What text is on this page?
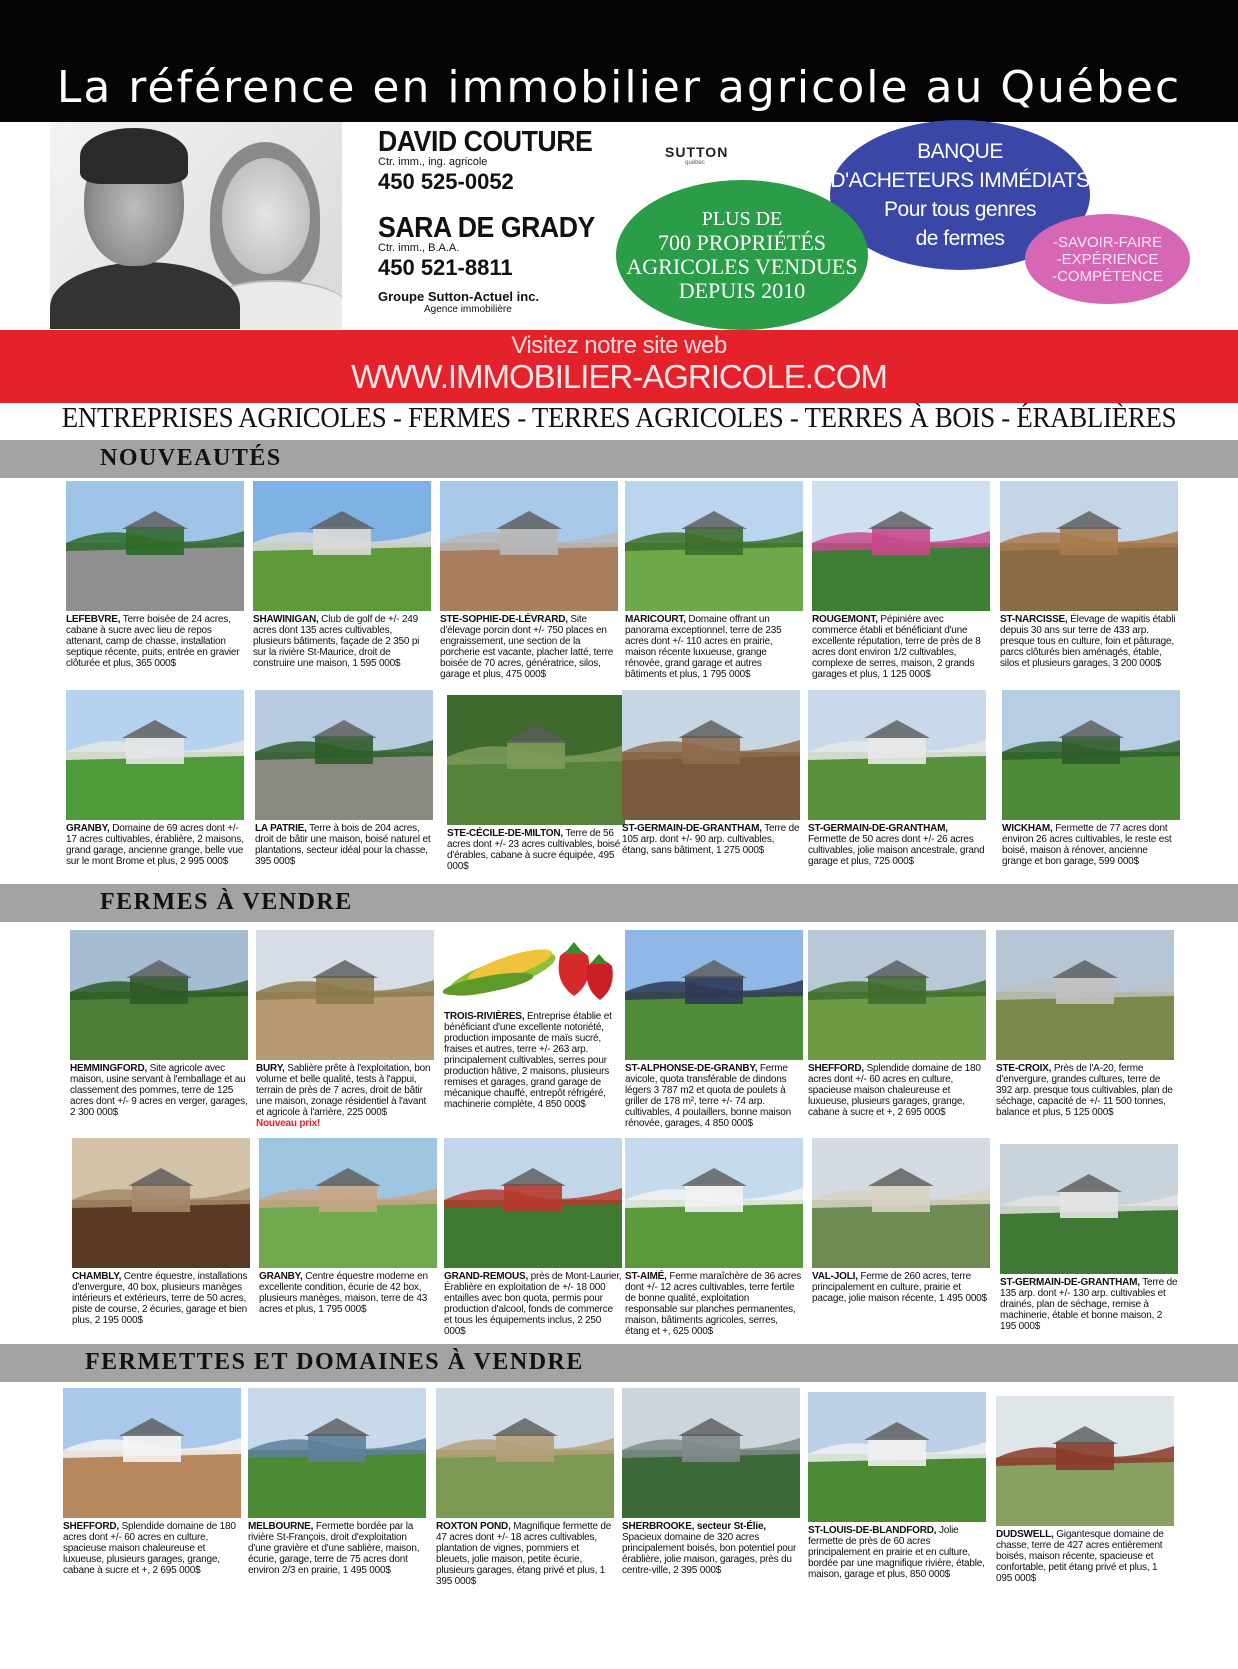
La référence en immobilier agricole au Québec
DAVID COUTURE
Ctr. imm., ing. agricole
450 525-0052
SARA DE GRADY
Ctr. imm., B.A.A.
450 521-8811
Groupe Sutton-Actuel inc.
Agence immobilière
SUTTON
québec	BANQUE
D'ACHETEURS IMMÉDIATS
Pour tous genres
de fermes
PLUS DE
700 PROPRIÉTÉS
AGRICOLES VENDUES
DEPUIS 2010
-SAVOIR-FAIRE
-EXPÉRIENCE
-COMPÉTENCE
Visitez notre site web
WWW.IMMOBILIER-AGRICOLE.COM
ENTREPRISES AGRICOLES - FERMES - TERRES AGRICOLES - TERRES À BOIS - ÉRABLIÈRES
NOUVEAUTÉS
FERMES À VENDRE
FERMETTES ET DOMAINES À VENDRE
LEFEBVRE, Terre boisée de 24 acres, cabane à sucre avec lieu de repos attenant, camp de chasse, installation septique récente, puits, entrée en gravier clôturée et plus, 365 000$
SHAWINIGAN, Club de golf de +/- 249 acres dont 135 acres cultivables, plusieurs bâtiments, façade de 2 350 pi sur la rivière St-Maurice, droit de construire une maison, 1 595 000$
STE-SOPHIE-DE-LÉVRARD, Site d'élevage porcin dont +/- 750 places en engraissement, une section de la porcherie est vacante, placher latté, terre boisée de 70 acres, génératrice, silos, garage et plus, 475 000$
MARICOURT, Domaine offrant un panorama exceptionnel, terre de 235 acres dont +/- 110 acres en prairie, maison récente luxueuse, grange rénovée, grand garage et autres bâtiments et plus, 1 795 000$
ROUGEMONT, Pépinière avec commerce établi et bénéficiant d'une excellente réputation, terre de près de 8 acres dont environ 1/2 cultivables, complexe de serres, maison, 2 grands garages et plus, 1 125 000$
ST-NARCISSE, Élevage de wapitis établi depuis 30 ans sur terre de 433 arp. presque tous en culture, foin et pâturage, parcs clôturés bien aménagés, étable, silos et plusieurs garages, 3 200 000$
GRANBY, Domaine de 69 acres dont +/- 17 acres cultivables, érablière, 2 maisons, grand garage, ancienne grange, belle vue sur le mont Brome et plus, 2 995 000$
LA PATRIE, Terre à bois de 204 acres, droit de bâtir une maison, boisé naturel et plantations, secteur idéal pour la chasse, 395 000$
STE-CÉCILE-DE-MILTON, Terre de 56 acres dont +/- 23 acres cultivables, boisé d'érables, cabane à sucre équipée, 495 000$
ST-GERMAIN-DE-GRANTHAM, Terre de 105 arp. dont +/- 90 arp. cultivables, étang, sans bâtiment, 1 275 000$
ST-GERMAIN-DE-GRANTHAM, Fermette de 50 acres dont +/- 26 acres cultivables, jolie maison ancestrale, grand garage et plus, 725 000$
WICKHAM, Fermette de 77 acres dont environ 26 acres cultivables, le reste est boisé, maison à rénover, ancienne grange et bon garage, 599 000$
HEMMINGFORD, Site agricole avec maison, usine servant à l'emballage et au classement des pommes, terre de 125 acres dont +/- 9 acres en verger, garages, 2 300 000$
BURY, Sablière prête à l'exploitation, bon volume et belle qualité, tests à l'appui, terrain de près de 7 acres, droit de bâtir une maison, zonage résidentiel à l'avant et agricole à l'arrière, 225 000$
Nouveau prix!
TROIS-RIVIÈRES, Entreprise établie et bénéficiant d'une excellente notoriété, production imposante de maïs sucré, fraises et autres, terre +/- 263 arp. principalement cultivables, serres pour production hâtive, 2 maisons, plusieurs remises et garages, grand garage de mécanique chauffé, entrepôt réfrigéré, machinerie complète, 4 850 000$
ST-ALPHONSE-DE-GRANBY, Ferme avicole, quota transférable de dindons légers 3 787 m2 et quota de poulets à griller de 178 m², terre +/- 74 arp. cultivables, 4 poulaillers, bonne maison rénovée, garages, 4 850 000$
SHEFFORD, Splendide domaine de 180 acres dont +/- 60 acres en culture, spacieuse maison chaleureuse et luxueuse, plusieurs garages, grange, cabane à sucre et +, 2 695 000$
STE-CROIX, Près de l'A-20, ferme d'envergure, grandes cultures, terre de 392 arp. presque tous cultivables, plan de séchage, capacité de +/- 11 500 tonnes, balance et plus, 5 125 000$
CHAMBLY, Centre équestre, installations d'envergure, 40 box, plusieurs manèges intérieurs et extérieurs, terre de 50 acres, piste de course, 2 écuries, garage et bien plus, 2 195 000$
GRANBY, Centre équestre moderne en excellente condition, écurie de 42 box, plusieurs manèges, maison, terre de 43 acres et plus, 1 795 000$
GRAND-REMOUS, près de Mont-Laurier, Érablière en exploitation de +/- 18 000 entailles avec bon quota, permis pour production d'alcool, fonds de commerce et tous les équipements inclus, 2 250 000$
ST-AIMÉ, Ferme maraîchère de 36 acres dont +/- 12 acres cultivables, terre fertile de bonne qualité, exploitation responsable sur planches permanentes, maison, bâtiments agricoles, serres, étang et +, 625 000$
VAL-JOLI, Ferme de 260 acres, terre principalement en culture, prairie et pacage, jolie maison récente, 1 495 000$
ST-GERMAIN-DE-GRANTHAM, Terre de 135 arp. dont +/- 130 arp. cultivables et drainés, plan de séchage, remise à machinerie, étable et bonne maison, 2 195 000$
SHEFFORD, Splendide domaine de 180 acres dont +/- 60 acres en culture, spacieuse maison chaleureuse et luxueuse, plusieurs garages, grange, cabane à sucre et +, 2 695 000$
MELBOURNE, Fermette bordée par la rivière St-François, droit d'exploitation d'une gravière et d'une sablière, maison, écurie, garage, terre de 75 acres dont environ 2/3 en prairie, 1 495 000$
ROXTON POND, Magnifique fermette de 47 acres dont +/- 18 acres cultivables, plantation de vignes, pommiers et bleuets, jolie maison, petite écurie, plusieurs garages, étang privé et plus, 1 395 000$
SHERBROOKE, secteur St-Élie, Spacieux domaine de 320 acres principalement boisés, bon potentiel pour érablière, jolie maison, garages, près du centre-ville, 2 395 000$
ST-LOUIS-DE-BLANDFORD, Jolie fermette de près de 60 acres principalement en prairie et en culture, bordée par une magnifique rivière, étable, maison, garage et plus, 850 000$
DUDSWELL, Gigantesque domaine de chasse, terre de 427 acres entièrement boisés, maison récente, spacieuse et confortable, petit étang privé et plus, 1 095 000$
